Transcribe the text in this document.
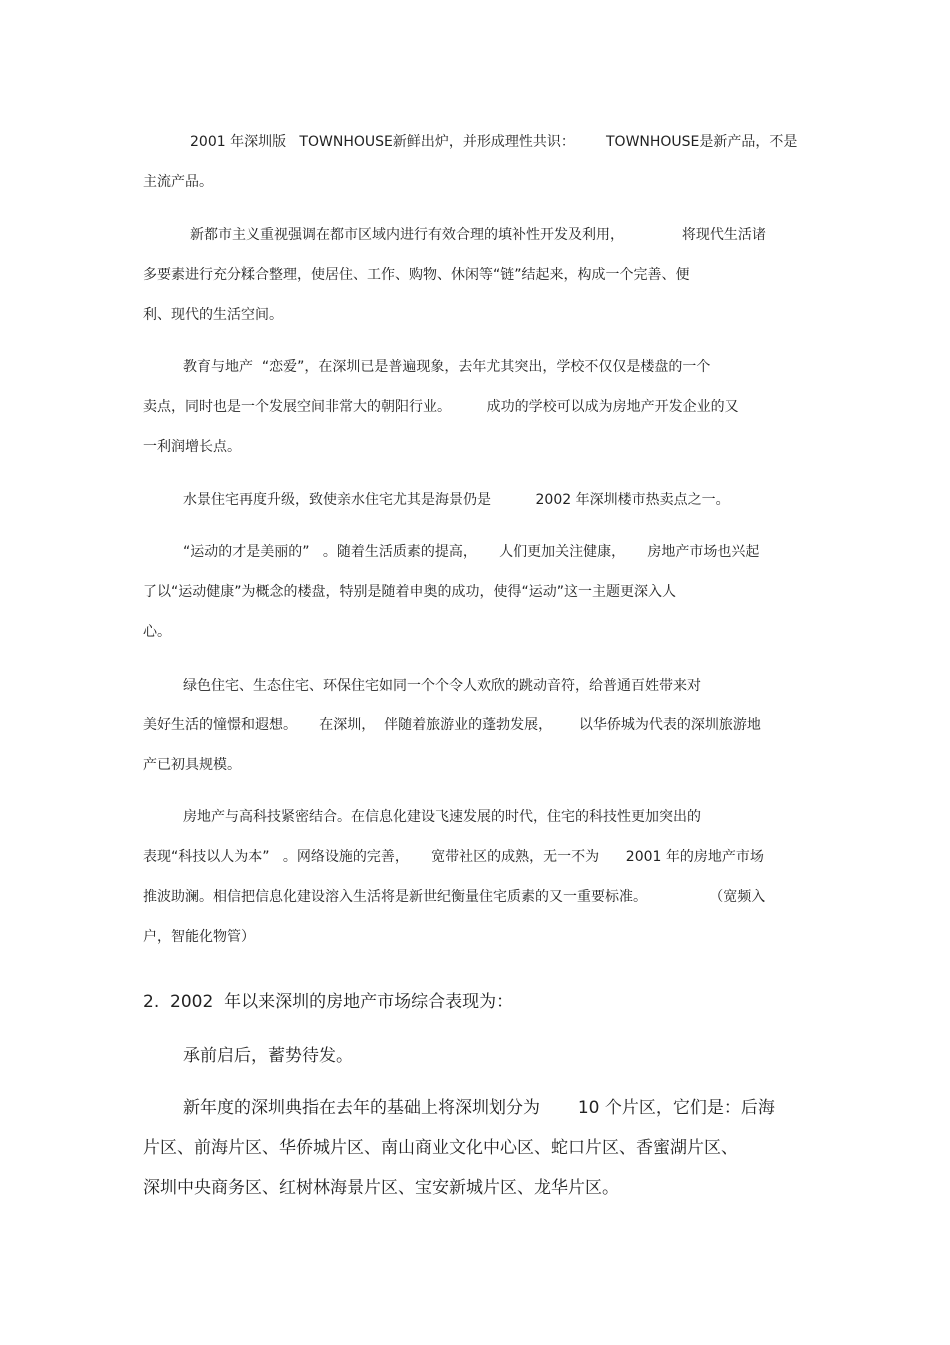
2001 年深圳版   TOWNHOUSE新鲜出炉，并形成理性共识：       TOWNHOUSE是新产品，不是
主流产品。
新都市主义重视强调在都市区域内进行有效合理的填补性开发及利用，             将现代生活诸
多要素进行充分糅合整理，使居住、工作、购物、休闲等“链”结起来，构成一个完善、便
利、现代的生活空间。
教育与地产  “恋爱”，在深圳已是普遍现象，去年尤其突出，学校不仅仅是楼盘的一个
卖点，同时也是一个发展空间非常大的朝阳行业。        成功的学校可以成为房地产开发企业的又
一利润增长点。
水景住宅再度升级，致使亲水住宅尤其是海景仍是          2002 年深圳楼市热卖点之一。
“运动的才是美丽的”   。随着生活质素的提高，     人们更加关注健康，     房地产市场也兴起
了以“运动健康”为概念的楼盘，特别是随着申奥的成功，使得“运动”这一主题更深入人
心。
绿色住宅、生态住宅、环保住宅如同一个个令人欢欣的跳动音符，给普通百姓带来对
美好生活的憧憬和遐想。     在深圳，  伴随着旅游业的蓬勃发展，      以华侨城为代表的深圳旅游地
产已初具规模。
房地产与高科技紧密结合。在信息化建设飞速发展的时代，住宅的科技性更加突出的
表现“科技以人为本”   。网络设施的完善，     宽带社区的成熟，无一不为      2001 年的房地产市场
推波助澜。相信把信息化建设溶入生活将是新世纪衡量住宅质素的又一重要标准。              （宽频入
户，智能化物管）
2.  2002  年以来深圳的房地产市场综合表现为：
承前启后，蓄势待发。
新年度的深圳典指在去年的基础上将深圳划分为       10 个片区，它们是：后海
片区、前海片区、华侨城片区、南山商业文化中心区、蛇口片区、香蜜湖片区、
深圳中央商务区、红树林海景片区、宝安新城片区、龙华片区。
